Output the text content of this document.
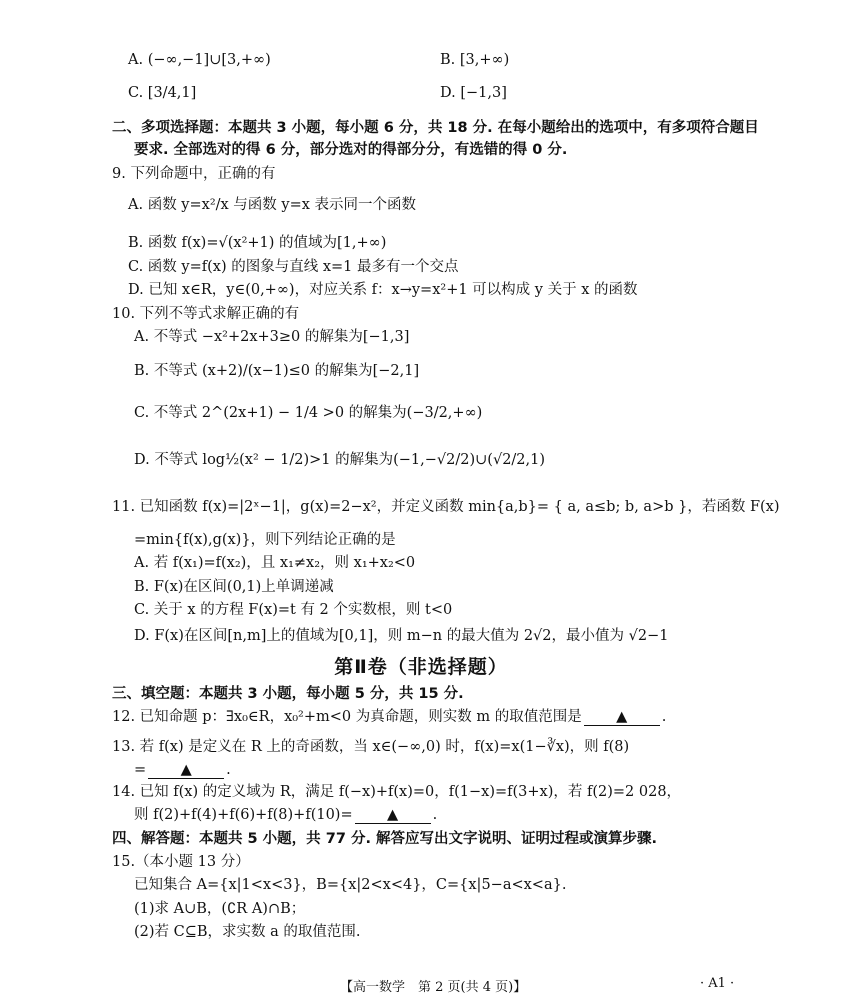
A. (−∞,−1]∪[3,+∞)	B. [3,+∞)
C. [3/4,1]	D. [−1,3]
二、多项选择题：本题共 3 小题，每小题 6 分，共 18 分. 在每小题给出的选项中，有多项符合题目
要求. 全部选对的得 6 分，部分选对的得部分分，有选错的得 0 分.
9. 下列命题中，正确的有
A. 函数 y=x²/x 与函数 y=x 表示同一个函数
B. 函数 f(x)=√(x²+1) 的值域为[1,+∞)
C. 函数 y=f(x) 的图象与直线 x=1 最多有一个交点
D. 已知 x∈R，y∈(0,+∞)，对应关系 f：x→y=x²+1 可以构成 y 关于 x 的函数
10. 下列不等式求解正确的有
A. 不等式 −x²+2x+3≥0 的解集为[−1,3]
B. 不等式 (x+2)/(x−1)≤0 的解集为[−2,1]
C. 不等式 2^(2x+1) − 1/4 >0 的解集为(−3/2,+∞)
D. 不等式 log½(x² − 1/2)>1 的解集为(−1,−√2/2)∪(√2/2,1)
11. 已知函数 f(x)=|2ˣ−1|，g(x)=2−x²，并定义函数 min{a,b}= { a, a≤b; b, a>b }，若函数 F(x)
=min{f(x),g(x)}，则下列结论正确的是
A. 若 f(x₁)=f(x₂)，且 x₁≠x₂，则 x₁+x₂<0
B. F(x)在区间(0,1)上单调递减
C. 关于 x 的方程 F(x)=t 有 2 个实数根，则 t<0
D. F(x)在区间[n,m]上的值域为[0,1]，则 m−n 的最大值为 2√2，最小值为 √2−1
第Ⅱ卷（非选择题）
三、填空题：本题共 3 小题，每小题 5 分，共 15 分.
12. 已知命题 p：∃x₀∈R，x₀²+m<0 为真命题，则实数 m 的取值范围是 ▲ .
13. 若 f(x) 是定义在 R 上的奇函数，当 x∈(−∞,0) 时，f(x)=x(1−∛x)，则 f(8)
= ▲ .
14. 已知 f(x) 的定义域为 R，满足 f(−x)+f(x)=0，f(1−x)=f(3+x)，若 f(2)=2 028，
则 f(2)+f(4)+f(6)+f(8)+f(10)= ▲ .
四、解答题：本题共 5 小题，共 77 分. 解答应写出文字说明、证明过程或演算步骤.
15.（本小题 13 分）
已知集合 A={x|1<x<3}，B={x|2<x<4}，C={x|5−a<x<a}.
(1)求 A∪B，(∁R A)∩B；
(2)若 C⊆B，求实数 a 的取值范围.
【高一数学　第 2 页(共 4 页)】	· A1 ·
